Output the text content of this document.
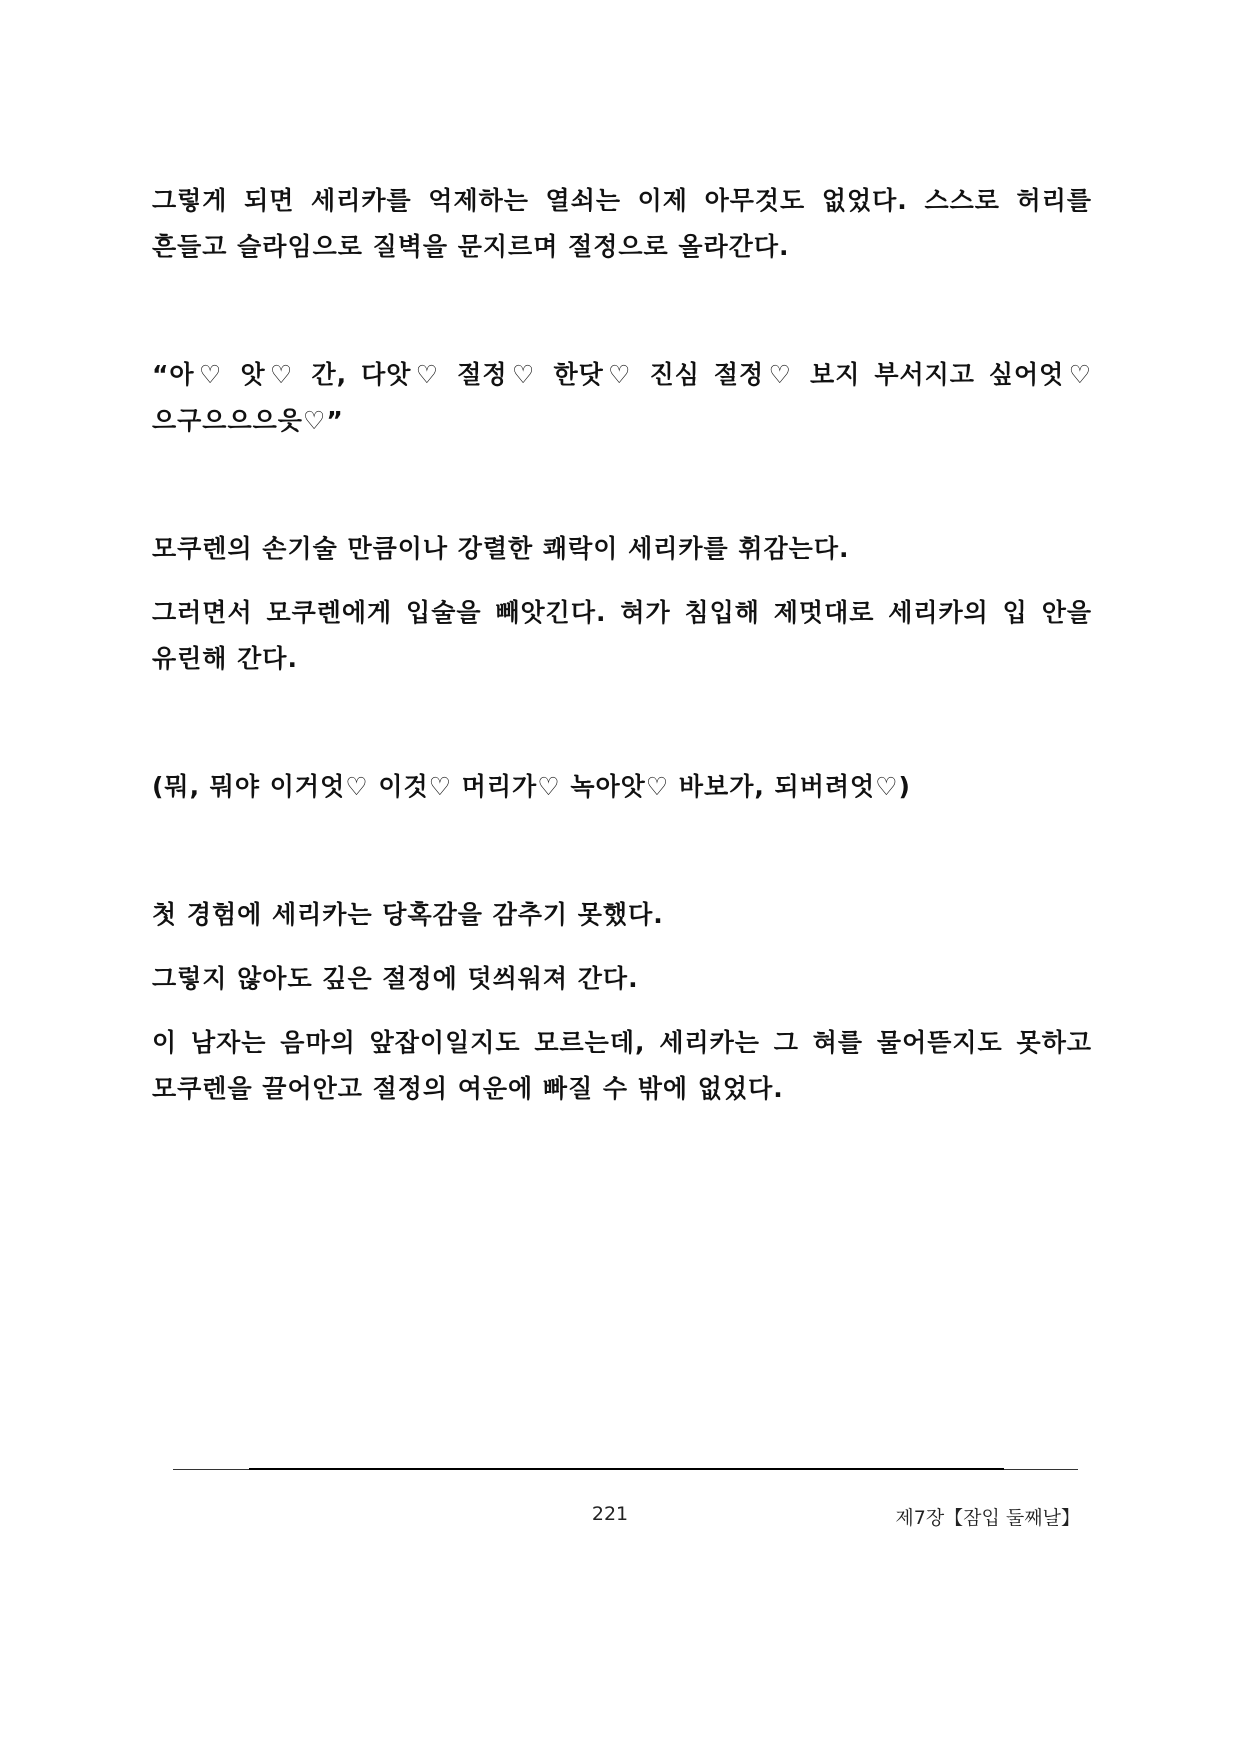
그렇게 되면 세리카를 억제하는 열쇠는 이제 아무것도 없었다. 스스로 허리를 흔들고 슬라임으로 질벽을 문지르며 절정으로 올라간다.

“아♡ 앗♡ 간, 다앗♡ 절정♡ 한닷♡ 진심 절정♡ 보지 부서지고 싶어엇♡ 으구으으으읏♡”

모쿠렌의 손기술 만큼이나 강렬한 쾌락이 세리카를 휘감는다.

그러면서 모쿠렌에게 입술을 빼앗긴다. 혀가 침입해 제멋대로 세리카의 입 안을 유린해 간다.

(뭐, 뭐야 이거엇♡ 이것♡ 머리가♡ 녹아앗♡ 바보가, 되버려엇♡)

첫 경험에 세리카는 당혹감을 감추기 못했다.

그렇지 않아도 깊은 절정에 덧씌워져 간다.

이 남자는 음마의 앞잡이일지도 모르는데, 세리카는 그 혀를 물어뜯지도 못하고 모쿠렌을 끌어안고 절정의 여운에 빠질 수 밖에 없었다.

221	제7장【잠입 둘째날】
